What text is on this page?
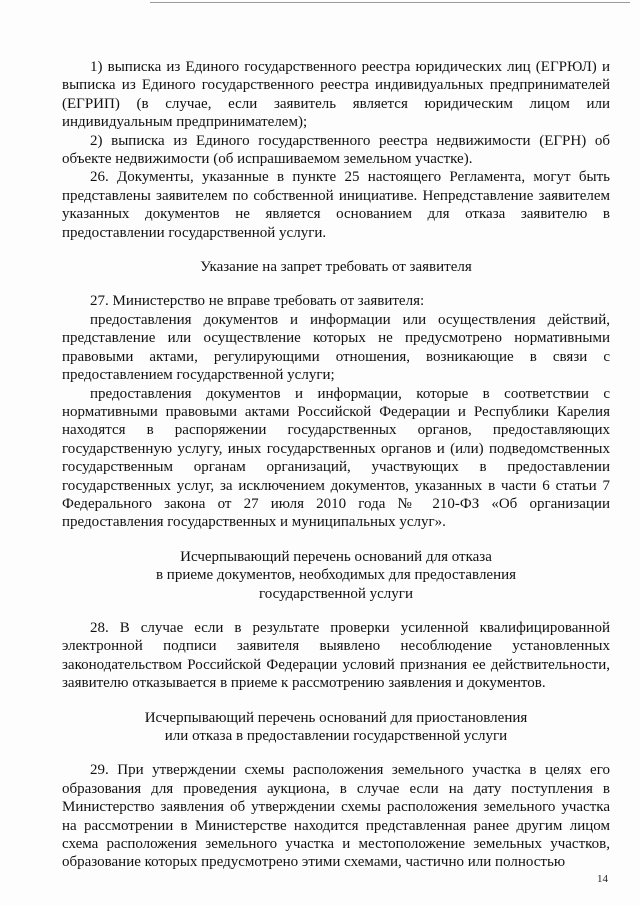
1) выписка из Единого государственного реестра юридических лиц (ЕГРЮЛ) и выписка из Единого государственного реестра индивидуальных предпринимателей (ЕГРИП) (в случае, если заявитель является юридическим лицом или индивидуальным предпринимателем);

2) выписка из Единого государственного реестра недвижимости (ЕГРН) об объекте недвижимости (об испрашиваемом земельном участке).

26. Документы, указанные в пункте 25 настоящего Регламента, могут быть представлены заявителем по собственной инициативе. Непредставление заявителем указанных документов не является основанием для отказа заявителю в предоставлении государственной услуги.

Указание на запрет требовать от заявителя

27. Министерство не вправе требовать от заявителя:

предоставления документов и информации или осуществления действий, представление или осуществление которых не предусмотрено нормативными правовыми актами, регулирующими отношения, возникающие в связи с предоставлением государственной услуги;

предоставления документов и информации, которые в соответствии с нормативными правовыми актами Российской Федерации и Республики Карелия находятся в распоряжении государственных органов, предоставляющих государственную услугу, иных государственных органов и (или) подведомственных государственным органам организаций, участвующих в предоставлении государственных услуг, за исключением документов, указанных в части 6 статьи 7 Федерального закона от 27 июля 2010 года № 210-ФЗ «Об организации предоставления государственных и муниципальных услуг».

Исчерпывающий перечень оснований для отказа
в приеме документов, необходимых для предоставления
государственной услуги

28. В случае если в результате проверки усиленной квалифицированной электронной подписи заявителя выявлено несоблюдение установленных законодательством Российской Федерации условий признания ее действительности, заявителю отказывается в приеме к рассмотрению заявления и документов.

Исчерпывающий перечень оснований для приостановления
или отказа в предоставлении государственной услуги

29. При утверждении схемы расположения земельного участка в целях его образования для проведения аукциона, в случае если на дату поступления в Министерство заявления об утверждении схемы расположения земельного участка на рассмотрении в Министерстве находится представленная ранее другим лицом схема расположения земельного участка и местоположение земельных участков, образование которых предусмотрено этими схемами, частично или полностью

14
